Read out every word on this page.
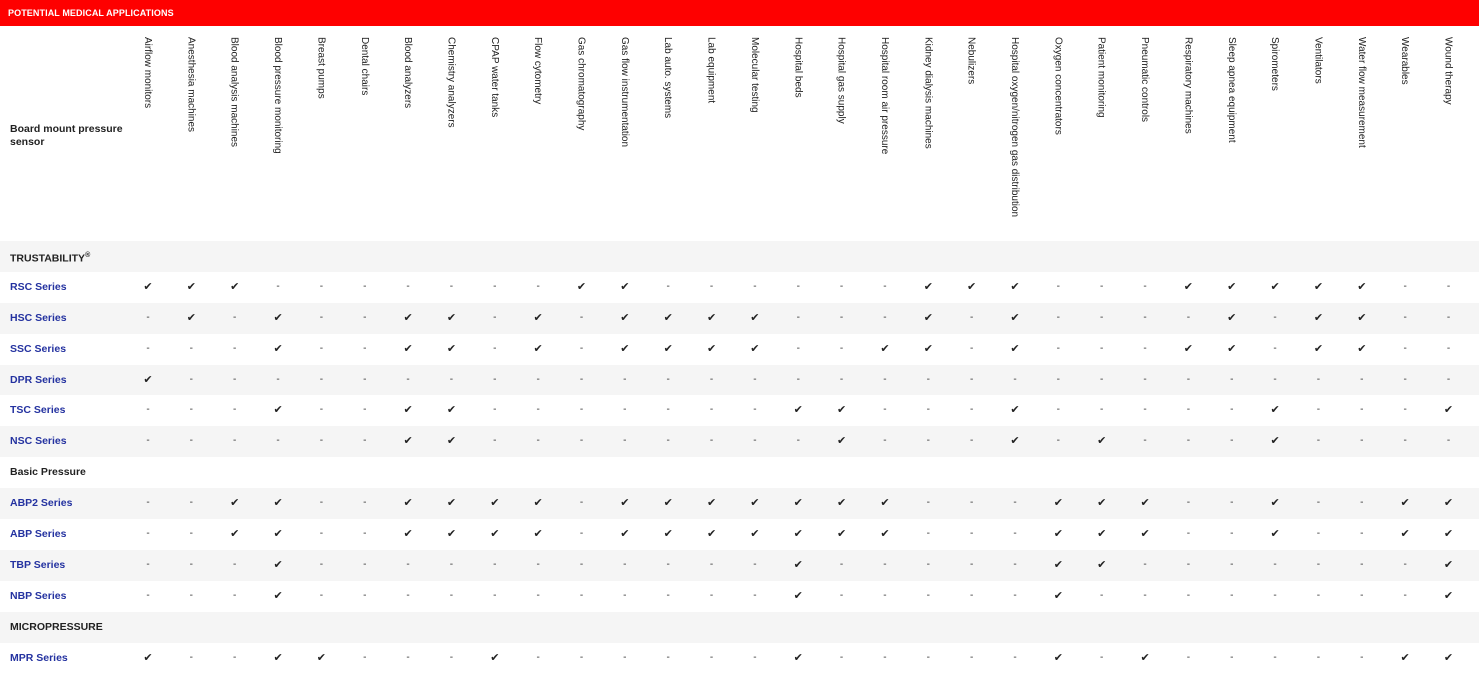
POTENTIAL MEDICAL APPLICATIONS
Board mount pressure sensor
Airflow monitors	Anesthesia machines	Blood analysis machines	Blood pressure monitoring	Breast pumps	Dental chairs	Blood analyzers	Chemistry analyzers	CPAP water tanks	Flow cytometry	Gas chromatography	Gas flow instrumentation	Lab auto. systems	Lab equipment	Molecular testing	Hospital beds	Hospital gas supply	Hospital room air pressure	Kidney dialysis machines	Nebulizers	Hospital oxygen/nitrogen gas distribution	Oxygen concentrators	Patient monitoring	Pneumatic controls	Respiratory machines	Sleep apnea equipment	Spirometers	Ventilators	Water flow measurement	Wearables	Wound therapy
TRUSTABILITY®
RSC Series	✔	✔	✔	-	-	-	-	-	-	-	✔	✔	-	-	-	-	-	-	✔	✔	✔	-	-	-	✔	✔	✔	✔	✔	-	-
HSC Series	-	✔	-	✔	-	-	✔	✔	-	✔	-	✔	✔	✔	✔	-	-	-	✔	-	✔	-	-	-	-	✔	-	✔	✔	-	-
SSC Series	-	-	-	✔	-	-	✔	✔	-	✔	-	✔	✔	✔	✔	-	-	✔	✔	-	✔	-	-	-	✔	✔	-	✔	✔	-	-
DPR Series	✔	-	-	-	-	-	-	-	-	-	-	-	-	-	-	-	-	-	-	-	-	-	-	-	-	-	-	-	-	-	-
TSC Series	-	-	-	✔	-	-	✔	✔	-	-	-	-	-	-	-	✔	✔	-	-	-	✔	-	-	-	-	-	✔	-	-	-	✔
NSC Series	-	-	-	-	-	-	✔	✔	-	-	-	-	-	-	-	-	✔	-	-	-	✔	-	✔	-	-	-	✔	-	-	-	-
Basic Pressure
ABP2 Series	-	-	✔	✔	-	-	✔	✔	✔	✔	-	✔	✔	✔	✔	✔	✔	✔	-	-	-	✔	✔	✔	-	-	✔	-	-	✔	✔
ABP Series	-	-	✔	✔	-	-	✔	✔	✔	✔	-	✔	✔	✔	✔	✔	✔	✔	-	-	-	✔	✔	✔	-	-	✔	-	-	✔	✔
TBP Series	-	-	-	✔	-	-	-	-	-	-	-	-	-	-	-	✔	-	-	-	-	-	✔	✔	-	-	-	-	-	-	-	✔
NBP Series	-	-	-	✔	-	-	-	-	-	-	-	-	-	-	-	✔	-	-	-	-	-	✔	-	-	-	-	-	-	-	-	✔
MICROPRESSURE
MPR Series	✔	-	-	✔	✔	-	-	-	✔	-	-	-	-	-	-	✔	-	-	-	-	-	✔	-	✔	-	-	-	-	-	✔	✔
